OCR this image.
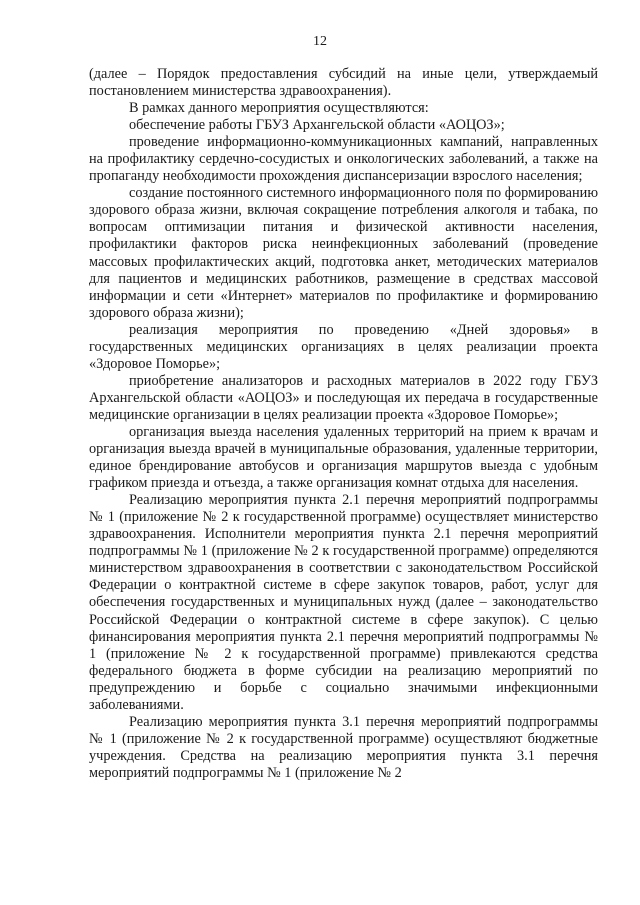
12

(далее – Порядок предоставления субсидий на иные цели, утверждаемый постановлением министерства здравоохранения).

В рамках данного мероприятия осуществляются:

обеспечение работы ГБУЗ Архангельской области «АОЦОЗ»;

проведение информационно-коммуникационных кампаний, направленных на профилактику сердечно-сосудистых и онкологических заболеваний, а также на пропаганду необходимости прохождения диспансеризации взрослого населения;

создание постоянного системного информационного поля по формированию здорового образа жизни, включая сокращение потребления алкоголя и табака, по вопросам оптимизации питания и физической активности населения, профилактики факторов риска неинфекционных заболеваний (проведение массовых профилактических акций, подготовка анкет, методических материалов для пациентов и медицинских работников, размещение в средствах массовой информации и сети «Интернет» материалов по профилактике и формированию здорового образа жизни);

реализация мероприятия по проведению «Дней здоровья» в государственных медицинских организациях в целях реализации проекта «Здоровое Поморье»;

приобретение анализаторов и расходных материалов в 2022 году ГБУЗ Архангельской области «АОЦОЗ» и последующая их передача в государственные медицинские организации в целях реализации проекта «Здоровое Поморье»;

организация выезда населения удаленных территорий на прием к врачам и организация выезда врачей в муниципальные образования, удаленные территории, единое брендирование автобусов и организация маршрутов выезда с удобным графиком приезда и отъезда, а также организация комнат отдыха для населения.

Реализацию мероприятия пункта 2.1 перечня мероприятий подпрограммы № 1 (приложение № 2 к государственной программе) осуществляет министерство здравоохранения. Исполнители мероприятия пункта 2.1 перечня мероприятий подпрограммы № 1 (приложение № 2 к государственной программе) определяются министерством здравоохранения в соответствии с законодательством Российской Федерации о контрактной системе в сфере закупок товаров, работ, услуг для обеспечения государственных и муниципальных нужд (далее – законодательство Российской Федерации о контрактной системе в сфере закупок). С целью финансирования мероприятия пункта 2.1 перечня мероприятий подпрограммы № 1 (приложение № 2 к государственной программе) привлекаются средства федерального бюджета в форме субсидии на реализацию мероприятий по предупреждению и борьбе с социально значимыми инфекционными заболеваниями.

Реализацию мероприятия пункта 3.1 перечня мероприятий подпрограммы № 1 (приложение № 2 к государственной программе) осуществляют бюджетные учреждения. Средства на реализацию мероприятия пункта 3.1 перечня мероприятий подпрограммы № 1 (приложение № 2
